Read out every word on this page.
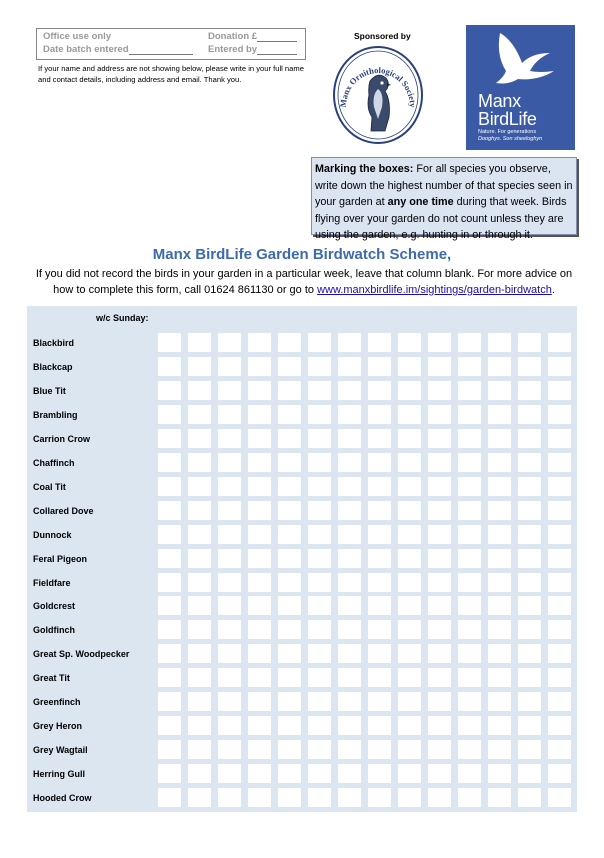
Office use only	Donation £
Date batch entered	Entered by
If your name and address are not showing below, please write in your full name and contact details, including address and email. Thank you.
Sponsored by
Manx Ornithological Society	Manx
BirdLife
Nature. For generations
Dooghys. Son sheeloghyn
Marking the boxes: For all species you observe, write down the highest number of that species seen in your garden at any one time during that week. Birds flying over your garden do not count unless they are using the garden, e.g. hunting in or through it.
Manx BirdLife Garden Birdwatch Scheme,
If you did not record the birds in your garden in a particular week, leave that column blank. For more advice on how to complete this form, call 01624 861130 or go to www.manxbirdlife.im/sightings/garden-birdwatch.
w/c Sunday:
Blackbird
Blackcap
Blue Tit
Brambling
Carrion Crow
Chaffinch
Coal Tit
Collared Dove
Dunnock
Feral Pigeon
Fieldfare
Goldcrest
Goldfinch
Great Sp. Woodpecker
Great Tit
Greenfinch
Grey Heron
Grey Wagtail
Herring Gull
Hooded Crow
